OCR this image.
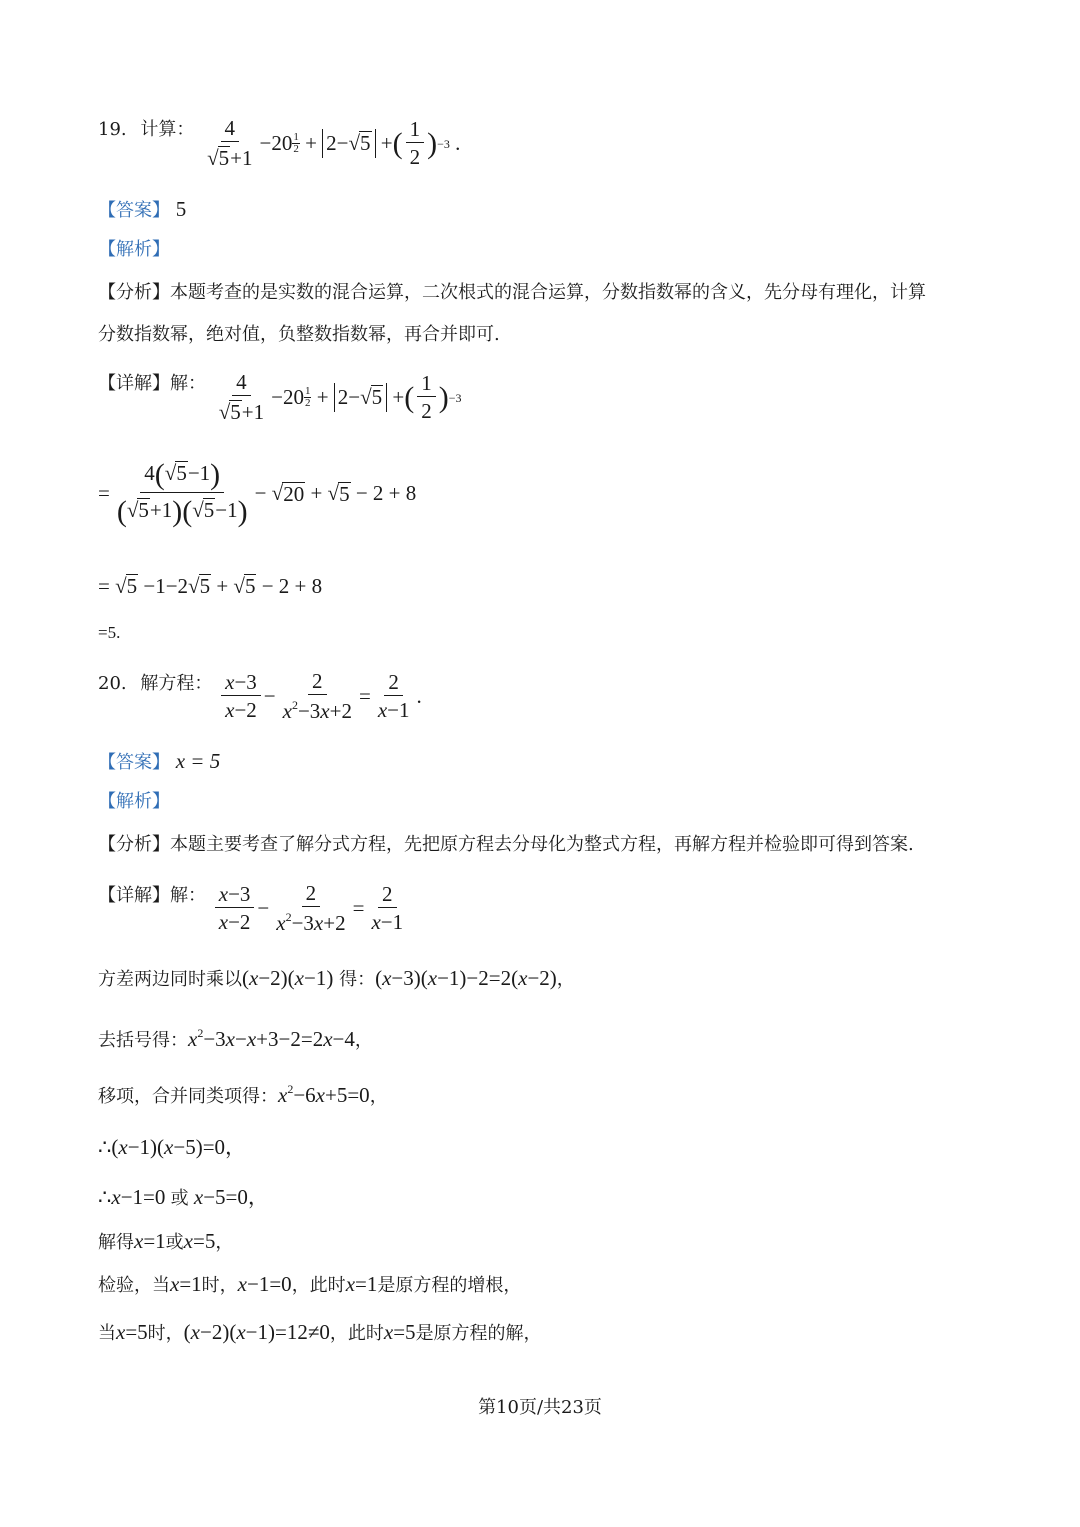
19. 计算： $\frac{4}{√5+1} -20$ 1
2 + 2−√5 + ( $\frac{1}{2}$ ) −3 .
【答案】 5
【解析】
【分析】本题考查的是实数的混合运算，二次根式的混合运算，分数指数幂的含义，先分母有理化，计算
分数指数幂，绝对值，负整数指数幂，再合并即可.
【详解】解： $\frac{4}{√5+1} -20$ 1
2 + 2−√5 + ( $\frac{1}{2}$ ) −3
= $\frac{4(√5-1)}{(√5+1)(√5-1)}$ − √ 20 + √ 5 − 2 + 8
= √5 −1−2√5 + √5 − 2 + 8
=5.
20. 解方程： $\frac{x-3}{x-2} - \frac{2}{x^2-3x+2} = \frac{2}{x-1}$ .
【答案】 x = 5
【解析】
【分析】本题主要考查了解分式方程，先把原方程去分母化为整式方程，再解方程并检验即可得到答案.
【详解】解： $\frac{x-3}{x-2} - \frac{2}{x^2-3x+2} = \frac{2}{x-1}$
方差两边同时乘以(x−2)(x−1) 得：(x−3)(x−1)−2=2(x−2)，
去括号得：$x^2-3x-x+3-2=2x-4$，
移项，合并同类项得：$x^2-6x+5=0$，
∴(x−1)(x−5)=0，
∴x−1=0 或 x−5=0，
解得x=1或x=5，
检验，当x=1时，x−1=0，此时x=1是原方程的增根，
当x=5时，(x−2)(x−1)=12≠0，此时x=5是原方程的解，
第10页/共23页
